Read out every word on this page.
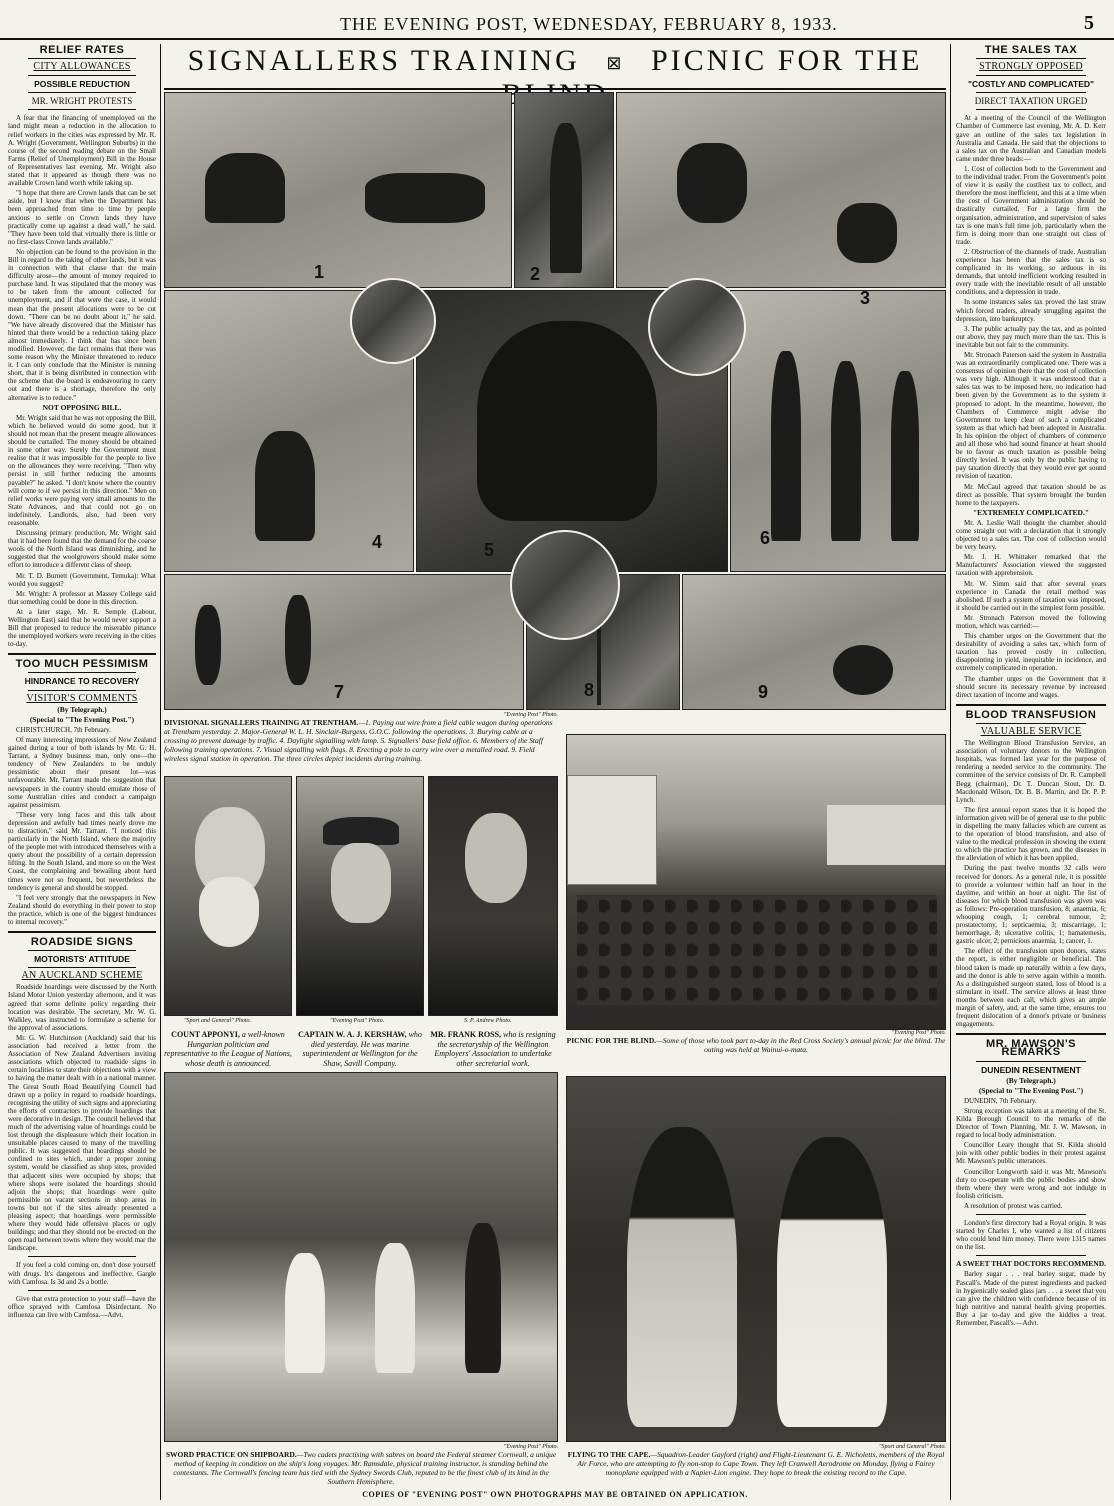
THE EVENING POST, WEDNESDAY, FEBRUARY 8, 1933.	5
RELIEF RATES
CITY ALLOWANCES
POSSIBLE REDUCTION
MR. WRIGHT PROTESTS

A fear that the financing of unemployed on the land might mean a reduction in the allocation to relief workers in the cities was expressed by Mr. R. A. Wright (Government, Wellington Suburbs) in the course of the second reading debate on the Small Farms (Relief of Unemployment) Bill in the House of Representatives last evening. Mr. Wright also stated that it appeared as though there was no available Crown land worth while taking up.

"I hope that there are Crown lands that can be set aside, but I know that when the Department has been approached from time to time by people anxious to settle on Crown lands they have practically come up against a dead wall," he said. "They have been told that virtually there is little or no first-class Crown lands available."

No objection can be found to the provision in the Bill in regard to the taking of other lands, but it was in connection with that clause that the main difficulty arose—the amount of money required to purchase land. It was stipulated that the money was to be taken from the amount collected for unemployment, and if that were the case, it would mean that the present allocations were to be cut down. "There can be no doubt about it," he said. "We have already discovered that the Minister has hinted that there would be a reduction taking place almost immediately. I think that has since been modified. However, the fact remains that there was some reason why the Minister threatened to reduce it. I can only conclude that the Minister is running short, that it is being distributed in connection with the scheme that the board is endeavouring to carry out and there is a shortage, therefore the only alternative is to reduce."

NOT OPPOSING BILL.

Mr. Wright said that he was not opposing the Bill, which he believed would do some good, but it should not mean that the present meagre allowances should be curtailed. The money should be obtained in some other way. Surely the Government must realise that it was impossible for the people to live on the allowances they were receiving. "Then why persist in still further reducing the amounts payable?" he asked. "I don't know where the country will come to if we persist in this direction." Men on relief works were paying very small amounts to the State Advances, and that could not go on indefinitely. Landlords, also, had been very reasonable.

Discussing primary production, Mr. Wright said that it had been found that the demand for the coarse wools of the North Island was diminishing, and he suggested that the woolgrowers should make some effort to introduce a different class of sheep.

Mr. T. D. Burnett (Government, Temuka): What would you suggest?

Mr. Wright: A professor at Massey College said that something could be done in this direction.

At a later stage, Mr. R. Semple (Labour, Wellington East) said that he would never support a Bill that proposed to reduce the miserable pittance the unemployed workers were receiving in the cities to-day.

TOO MUCH PESSIMISM
HINDRANCE TO RECOVERY
VISITOR'S COMMENTS
(By Telegraph.)
(Special to "The Evening Post.")

CHRISTCHURCH, 7th February.

Of many interesting impressions of New Zealand gained during a tour of both islands by Mr. G. H. Tarrant, a Sydney business man, only one—the tendency of New Zealanders to be unduly pessimistic about their present lot—was unfavourable. Mr. Tarrant made the suggestion that newspapers in the country should emulate those of some Australian cities and conduct a campaign against pessimism.

"These very long faces and this talk about depression and awfully bad times nearly drove me to distraction," said Mr. Tarrant. "I noticed this particularly in the North Island, where the majority of the people met with introduced themselves with a query about the possibility of a certain depression lifting. In the South Island, and more so on the West Coast, the complaining and bewailing about hard times were not so frequent, but nevertheless the tendency is general and should be stopped.

"I feel very strongly that the newspapers in New Zealand should do everything in their power to stop the practice, which is one of the biggest hindrances to internal recovery."

ROADSIDE SIGNS
MOTORISTS' ATTITUDE
AN AUCKLAND SCHEME

Roadside hoardings were discussed by the North Island Motor Union yesterday afternoon, and it was agreed that some definite policy regarding their location was desirable. The secretary, Mr. W. G. Walkley, was instructed to formulate a scheme for the approval of associations.

Mr. G. W. Hutchinson (Auckland) said that his association had received a letter from the Association of New Zealand Advertisers inviting associations which objected to roadside signs in certain localities to state their objections with a view to having the matter dealt with in a national manner. The Great South Road Beautifying Council had drawn up a policy in regard to roadside hoardings, recognising the utility of such signs and appreciating the efforts of contractors to provide hoardings that were decorative in design. The council believed that much of the advertising value of hoardings could be lost through the displeasure which their location in unsuitable places caused to many of the travelling public. It was suggested that hoardings should be confined to sites which, under a proper zoning system, would be classified as shop sites, provided that adjacent sites were occupied by shops; that where shops were isolated the hoardings should adjoin the shops; that hoardings were quite permissible on vacant sections in shop areas in towns but not if the sites already presented a pleasing aspect; that hoardings were permissible where they would hide offensive places or ugly buildings; and that they should not be erected on the open road between towns where they would mar the landscape.

If you feel a cold coming on, don't dose yourself with drugs. It's dangerous and ineffective. Gargle with Camfosa. Is 3d and 2s a bottle.

Give that extra protection to your staff—have the office sprayed with Camfosa Disinfectant. No influenza can live with Camfosa.—Advt.

THE SALES TAX
STRONGLY OPPOSED
"COSTLY AND COMPLICATED"
DIRECT TAXATION URGED

At a meeting of the Council of the Wellington Chamber of Commerce last evening, Mr. A. D. Kerr gave an outline of the sales tax legislation in Australia and Canada. He said that the objections to a sales tax on the Australian and Canadian models came under three heads:—

1. Cost of collection both to the Government and to the individual trader. From the Government's point of view it is easily the costliest tax to collect, and therefore the most inefficient, and this at a time when the cost of Government administration should be drastically curtailed. For a large firm the organisation, administration, and supervision of sales tax is one man's full time job, particularly when the firm is doing more than one straight out class of trade.

2. Obstruction of the channels of trade. Australian experience has been that the sales tax is so complicated in its working, so arduous in its demands, that untold inefficient working resulted in every trade with the inevitable result of all unstable conditions, and a depression in trade.

In some instances sales tax proved the last straw which forced traders, already struggling against the depression, into bankruptcy.

3. The public actually pay the tax, and as pointed out above, they pay much more than the tax. This is inevitable but not fair to the community.

Mr. Stronach Paterson said the system in Australia was an extraordinarily complicated one. There was a consensus of opinion there that the cost of collection was very high. Although it was understood that a sales tax was to be imposed here, no indication had been given by the Government as to the system it proposed to adopt. In the meantime, however, the Chambers of Commerce might advise the Government to keep clear of such a complicated system as that which had been adopted in Australia. In his opinion the object of chambers of commerce and all those who had sound finance at heart should be to favour as much taxation as possible being directly levied. It was only by the public having to pay taxation directly that they would ever get sound revision of taxation.

Mr. McCaul agreed that taxation should be as direct as possible. That system brought the burden home to the taxpayers.

"EXTREMELY COMPLICATED."

Mr. A. Leslie Wall thought the chamber should come straight out with a declaration that it strongly objected to a sales tax. The cost of collection would be very heavy.

Mr. J. H. Whittaker remarked that the Manufacturers' Association viewed the suggested taxation with apprehension.

Mr. W. Simm said that after several years experience in Canada the retail method was abolished. If such a system of taxation was imposed, it should be carried out in the simplest form possible.

Mr. Stronach Paterson moved the following motion, which was carried:—

This chamber urges on the Government that the desirability of avoiding a sales tax, which form of taxation has proved costly in collection, disappointing in yield, inequitable in incidence, and extremely complicated in operation.

The chamber urges on the Government that it should secure its necessary revenue by increased direct taxation of income and wages.

BLOOD TRANSFUSION
VALUABLE SERVICE

The Wellington Blood Transfusion Service, an association of voluntary donors to the Wellington hospitals, was formed last year for the purpose of rendering a needed service to the community. The committee of the service consists of Dr. R. Campbell Begg (chairman), Dr. T. Duncan Stout, Dr. D. Macdonald Wilson, Dr. B. B. Martin, and Dr. P. P. Lynch.

The first annual report states that it is hoped the information given will be of general use to the public in dispelling the many fallacies which are current as to the operation of blood transfusion, and also of value to the medical profession in showing the extent to which the practice has grown, and the diseases in the alleviation of which it has been applied.

During the past twelve months 32 calls were received for donors. As a general rule, it is possible to provide a volunteer within half an hour in the daytime, and within an hour at night. The list of diseases for which blood transfusion was given was as follows: Pre-operation transfusion, 8; anaemia, 6; whooping cough, 1; cerebral tumour, 2; prostatectomy, 1; septicaemia, 3; miscarriage, 1; hemorrhage, 8; ulcerative colitis, 1; hamatemesis, gastric ulcer, 2; pernicious anaemia, 1; cancer, 1.

The effect of the transfusion upon donors, states the report, is either negligible or beneficial. The blood taken is made up naturally within a few days, and the donor is able to serve again within a month. As a distinguished surgeon stated, loss of blood is a stimulant in itself. The service allows at least three months between each call, which gives an ample margin of safety, and, at the same time, ensures too frequent dislocation of a donor's private or business engagements.

MR. MAWSON'S REMARKS
DUNEDIN RESENTMENT
(By Telegraph.)
(Special to "The Evening Post.")

DUNEDIN, 7th February.

Strong exception was taken at a meeting of the St. Kilda Borough Council to the remarks of the Director of Town Planning, Mr. J. W. Mawson, in regard to local body administration.

Councillor Leary thought that St. Kilda should join with other public bodies in their protest against Mr. Mawson's public utterances.

Councillor Longworth said it was Mr. Mawson's duty to co-operate with the public bodies and show them where they were wrong and not indulge in foolish criticism.

A resolution of protest was carried.

London's first directory had a Royal origin. It was started by Charles I, who wanted a list of citizens who could lend him money. There were 1315 names on the list.

A SWEET THAT DOCTORS RECOMMEND.

Barley sugar . . . real barley sugar, made by Pascall's. Made of the purest ingredients and packed in hygienically sealed glass jars . . . a sweet that you can give the children with confidence because of its high nutritive and natural health giving properties. Buy a jar to-day and give the kiddies a treat. Remember, Pascall's.—Advt.

SIGNALLERS TRAINING ⊠ PICNIC FOR THE
1	2
3
4	5
6
7	8	9
"Evening Post" Photo.
DIVISIONAL SIGNALLERS TRAINING AT TRENTHAM.—1. Paying out wire from a field cable wagon during operations at Trentham yesterday. 2. Major-General W. L. H. Sinclair-Burgess, G.O.C. following the operations. 3. Burying cable at a crossing to prevent damage by traffic. 4. Daylight signalling with lamp. 5. Signallers' base field office. 6. Members of the Staff following training operations. 7. Visual signalling with flags. 8. Erecting a pole to carry wire over a metalled road. 9. Field wireless signal station in operation. The three circles depict incidents during training.
"Sport and General" Photo.	"Evening Post" Photo.	S. P. Andrew Photo.
COUNT APPONYI, a well-known Hungarian politician and representative to the League of Nations, whose death is announced.
CAPTAIN W. A. J. KERSHAW, who died yesterday. He was marine superintendent at Wellington for the Shaw, Savill Company.
MR. FRANK ROSS, who is resigning the secretaryship of the Wellington Employers' Association to undertake other secretarial work.
"Evening Post" Photo.
PICNIC FOR THE BLIND.—Some of those who took part to-day in the Red Cross Society's annual picnic for the blind. The outing was held at Wainui-o-mata.
"Evening Post" Photo.
SWORD PRACTICE ON SHIPBOARD.—Two cadets practising with sabres on board the Federal steamer Cornwall, a unique method of keeping in condition on the ship's long voyages. Mr. Ramsdale, physical training instructor, is standing behind the contestants. The Cornwall's fencing team has tied with the Sydney Swords Club, reputed to be the finest club of its kind in the Southern Hemisphere.
"Sport and General" Photo.
FLYING TO THE CAPE.—Squadron-Leader Gayford (right) and Flight-Lieutenant G. E. Nicholetts, members of the Royal Air Force, who are attempting to fly non-stop to Cape Town. They left Cranwell Aerodrome on Monday, flying a Fairey monoplane equipped with a Napier-Lion engine. They hope to break the existing record to the Cape.
COPIES OF "EVENING POST" OWN PHOTOGRAPHS MAY BE OBTAINED ON APPLICATION.
